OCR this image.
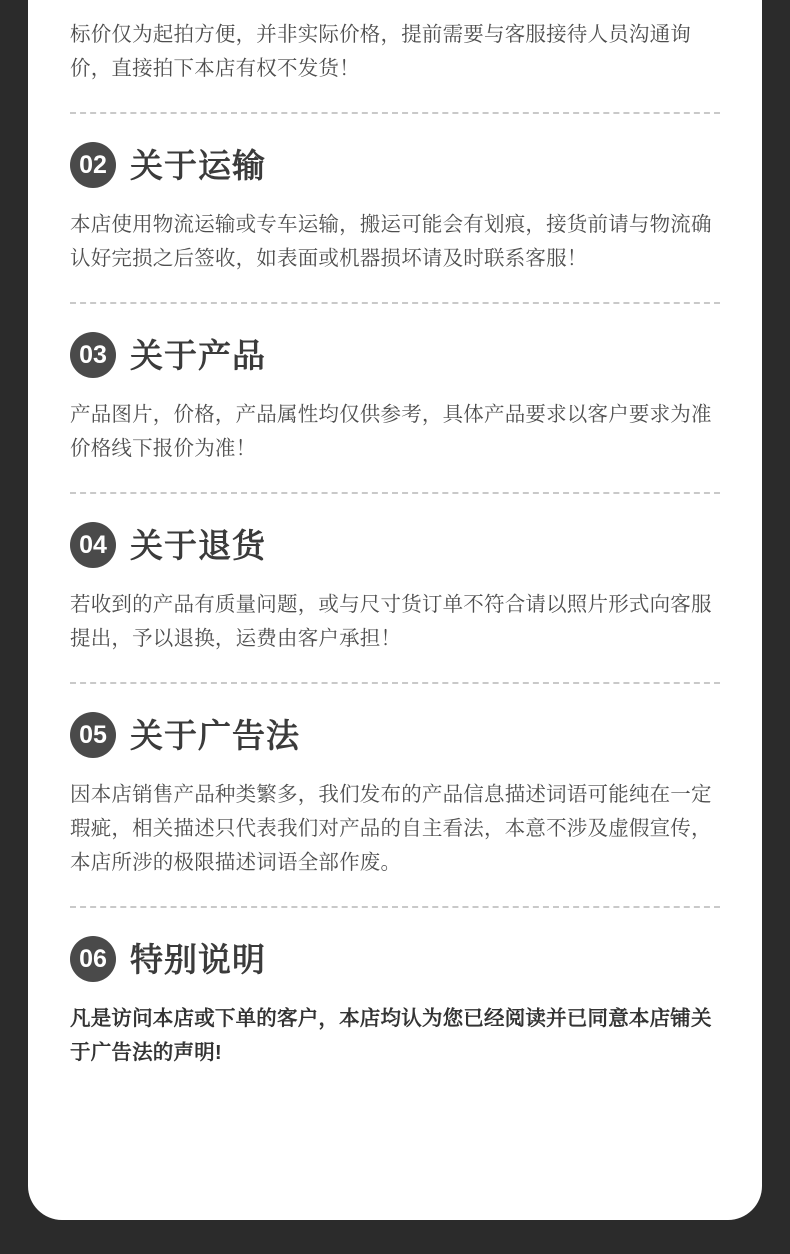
标价仅为起拍方便，并非实际价格，提前需要与客服接待人员沟通询价，直接拍下本店有权不发货！
02 关于运输
本店使用物流运输或专车运输，搬运可能会有划痕，接货前请与物流确认好完损之后签收，如表面或机器损坏请及时联系客服！
03 关于产品
产品图片，价格，产品属性均仅供参考，具体产品要求以客户要求为准价格线下报价为准！
04 关于退货
若收到的产品有质量问题，或与尺寸货订单不符合请以照片形式向客服提出，予以退换，运费由客户承担！
05 关于广告法
因本店销售产品种类繁多，我们发布的产品信息描述词语可能纯在一定瑕疵，相关描述只代表我们对产品的自主看法，本意不涉及虚假宣传，本店所涉的极限描述词语全部作废。
06 特别说明
凡是访问本店或下单的客户，本店均认为您已经阅读并已同意本店铺关于广告法的声明!
